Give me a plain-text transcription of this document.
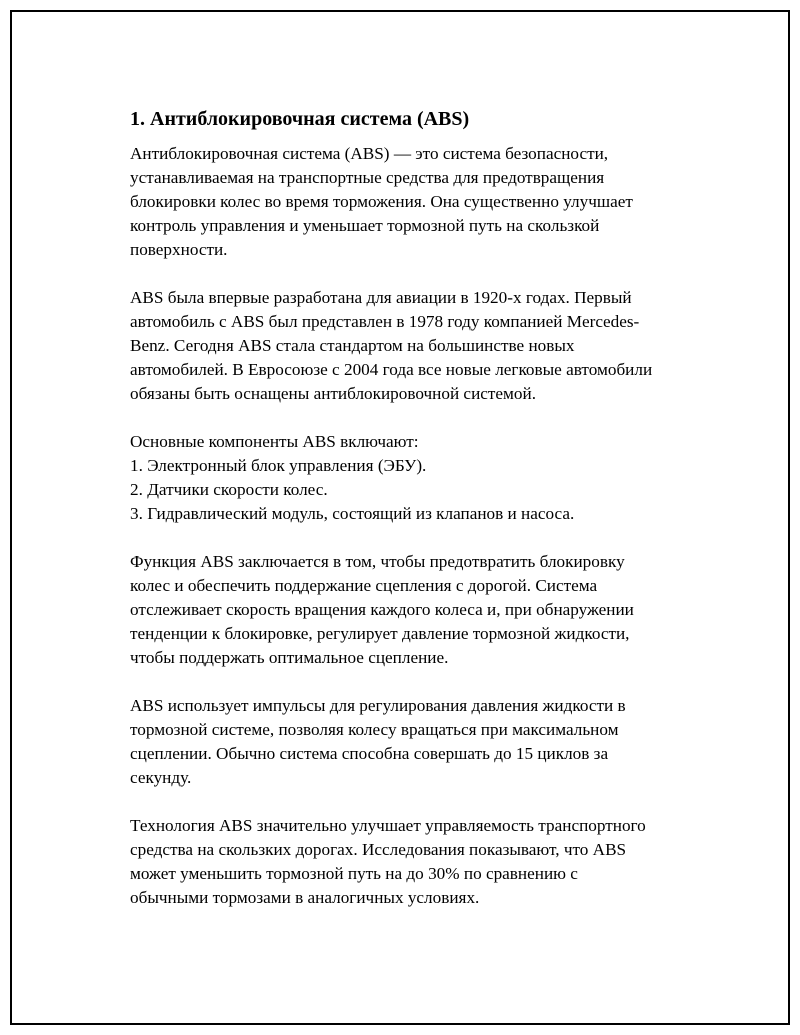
1. Антиблокировочная система (ABS)

Антиблокировочная система (ABS) — это система безопасности,
устанавливаемая на транспортные средства для предотвращения
блокировки колес во время торможения. Она существенно улучшает
контроль управления и уменьшает тормозной путь на скользкой
поверхности.

ABS была впервые разработана для авиации в 1920-х годах. Первый
автомобиль с ABS был представлен в 1978 году компанией Mercedes-
Benz. Сегодня ABS стала стандартом на большинстве новых
автомобилей. В Евросоюзе с 2004 года все новые легковые автомобили
обязаны быть оснащены антиблокировочной системой.

Основные компоненты ABS включают:
1. Электронный блок управления (ЭБУ).
2. Датчики скорости колес.
3. Гидравлический модуль, состоящий из клапанов и насоса.

Функция ABS заключается в том, чтобы предотвратить блокировку
колес и обеспечить поддержание сцепления с дорогой. Система
отслеживает скорость вращения каждого колеса и, при обнаружении
тенденции к блокировке, регулирует давление тормозной жидкости,
чтобы поддержать оптимальное сцепление.

ABS использует импульсы для регулирования давления жидкости в
тормозной системе, позволяя колесу вращаться при максимальном
сцеплении. Обычно система способна совершать до 15 циклов за
секунду.

Технология ABS значительно улучшает управляемость транспортного
средства на скользких дорогах. Исследования показывают, что ABS
может уменьшить тормозной путь на до 30% по сравнению с
обычными тормозами в аналогичных условиях.
